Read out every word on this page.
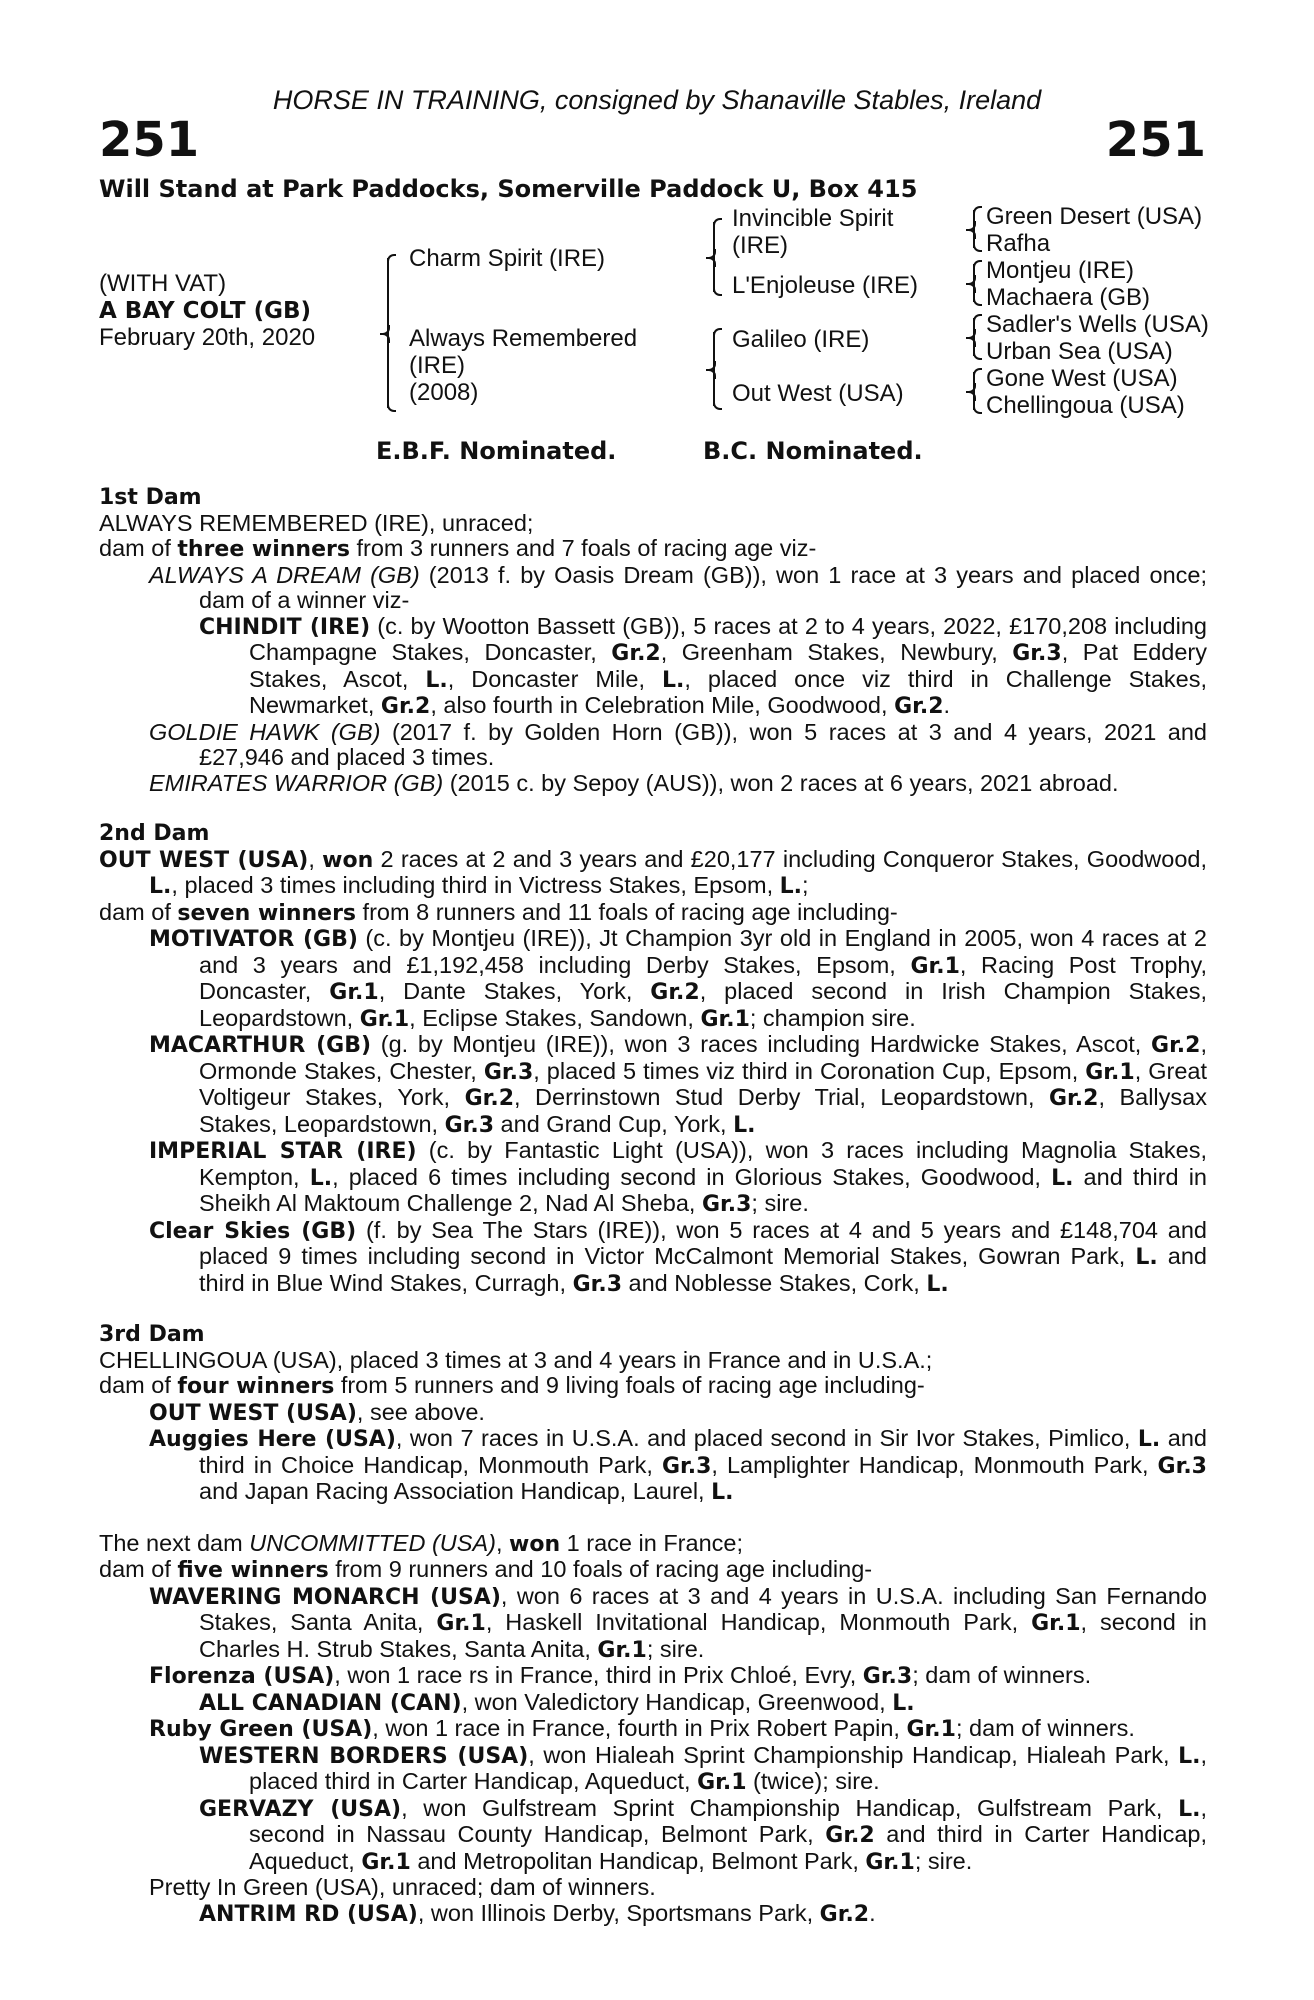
HORSE IN TRAINING, consigned by Shanaville Stables, Ireland
251	251
Will Stand at Park Paddocks, Somerville Paddock U, Box 415
(WITH VAT)
A BAY COLT (GB)
February 20th, 2020
Charm Spirit (IRE)
Always Remembered
(IRE)
(2008)
Invincible Spirit
(IRE)
L'Enjoleuse (IRE)
Galileo (IRE)
Out West (USA)
Green Desert (USA)
Rafha
Montjeu (IRE)
Machaera (GB)
Sadler's Wells (USA)
Urban Sea (USA)
Gone West (USA)
Chellingoua (USA)
E.B.F. Nominated.	B.C. Nominated.

1st Dam

ALWAYS REMEMBERED (IRE), unraced;

dam of three winners from 3 runners and 7 foals of racing age viz-

ALWAYS A DREAM (GB) (2013 f. by Oasis Dream (GB)), won 1 race at 3 years and placed once; dam of a winner viz-

CHINDIT (IRE) (c. by Wootton Bassett (GB)), 5 races at 2 to 4 years, 2022, £170,208 including Champagne Stakes, Doncaster, Gr.2, Greenham Stakes, Newbury, Gr.3, Pat Eddery Stakes, Ascot, L., Doncaster Mile, L., placed once viz third in Challenge Stakes, Newmarket, Gr.2, also fourth in Celebration Mile, Goodwood, Gr.2.

GOLDIE HAWK (GB) (2017 f. by Golden Horn (GB)), won 5 races at 3 and 4 years, 2021 and £27,946 and placed 3 times.

EMIRATES WARRIOR (GB) (2015 c. by Sepoy (AUS)), won 2 races at 6 years, 2021 abroad.

2nd Dam

OUT WEST (USA), won 2 races at 2 and 3 years and £20,177 including Conqueror Stakes, Goodwood, L., placed 3 times including third in Victress Stakes, Epsom, L.;

dam of seven winners from 8 runners and 11 foals of racing age including-

MOTIVATOR (GB) (c. by Montjeu (IRE)), Jt Champion 3yr old in England in 2005, won 4 races at 2 and 3 years and £1,192,458 including Derby Stakes, Epsom, Gr.1, Racing Post Trophy, Doncaster, Gr.1, Dante Stakes, York, Gr.2, placed second in Irish Champion Stakes, Leopardstown, Gr.1, Eclipse Stakes, Sandown, Gr.1; champion sire.

MACARTHUR (GB) (g. by Montjeu (IRE)), won 3 races including Hardwicke Stakes, Ascot, Gr.2, Ormonde Stakes, Chester, Gr.3, placed 5 times viz third in Coronation Cup, Epsom, Gr.1, Great Voltigeur Stakes, York, Gr.2, Derrinstown Stud Derby Trial, Leopardstown, Gr.2, Ballysax Stakes, Leopardstown, Gr.3 and Grand Cup, York, L.

IMPERIAL STAR (IRE) (c. by Fantastic Light (USA)), won 3 races including Magnolia Stakes, Kempton, L., placed 6 times including second in Glorious Stakes, Goodwood, L. and third in Sheikh Al Maktoum Challenge 2, Nad Al Sheba, Gr.3; sire.

Clear Skies (GB) (f. by Sea The Stars (IRE)), won 5 races at 4 and 5 years and £148,704 and placed 9 times including second in Victor McCalmont Memorial Stakes, Gowran Park, L. and third in Blue Wind Stakes, Curragh, Gr.3 and Noblesse Stakes, Cork, L.

3rd Dam

CHELLINGOUA (USA), placed 3 times at 3 and 4 years in France and in U.S.A.;

dam of four winners from 5 runners and 9 living foals of racing age including-

OUT WEST (USA), see above.

Auggies Here (USA), won 7 races in U.S.A. and placed second in Sir Ivor Stakes, Pimlico, L. and third in Choice Handicap, Monmouth Park, Gr.3, Lamplighter Handicap, Monmouth Park, Gr.3 and Japan Racing Association Handicap, Laurel, L.

The next dam UNCOMMITTED (USA), won 1 race in France;

dam of five winners from 9 runners and 10 foals of racing age including-

WAVERING MONARCH (USA), won 6 races at 3 and 4 years in U.S.A. including San Fernando Stakes, Santa Anita, Gr.1, Haskell Invitational Handicap, Monmouth Park, Gr.1, second in Charles H. Strub Stakes, Santa Anita, Gr.1; sire.

Florenza (USA), won 1 race rs in France, third in Prix Chloé, Evry, Gr.3; dam of winners.

ALL CANADIAN (CAN), won Valedictory Handicap, Greenwood, L.

Ruby Green (USA), won 1 race in France, fourth in Prix Robert Papin, Gr.1; dam of winners.

WESTERN BORDERS (USA), won Hialeah Sprint Championship Handicap, Hialeah Park, L., placed third in Carter Handicap, Aqueduct, Gr.1 (twice); sire.

GERVAZY (USA), won Gulfstream Sprint Championship Handicap, Gulfstream Park, L., second in Nassau County Handicap, Belmont Park, Gr.2 and third in Carter Handicap, Aqueduct, Gr.1 and Metropolitan Handicap, Belmont Park, Gr.1; sire.

Pretty In Green (USA), unraced; dam of winners.

ANTRIM RD (USA), won Illinois Derby, Sportsmans Park, Gr.2.
